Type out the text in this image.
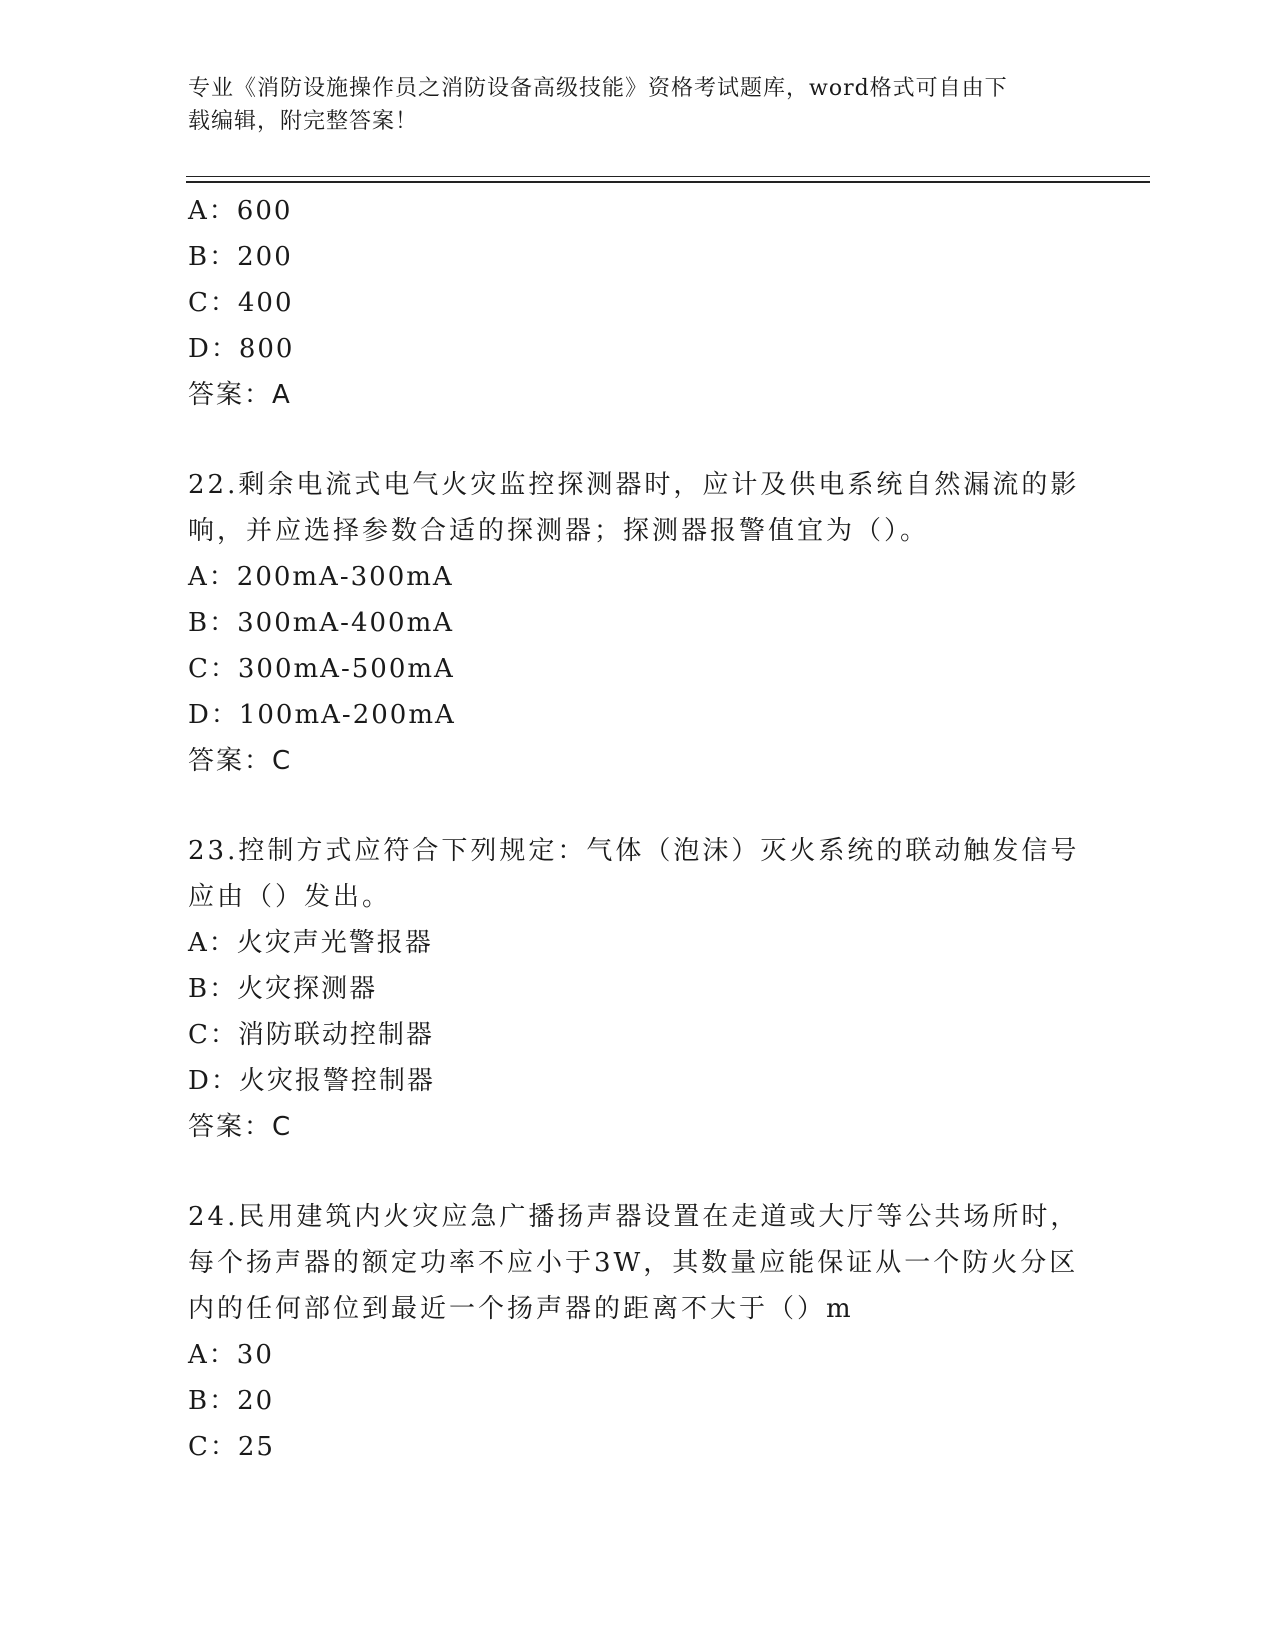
专业《消防设施操作员之消防设备高级技能》资格考试题库，word格式可自由下
载编辑，附完整答案！
A：600
B：200
C：400
D：800
答案：A
22.剩余电流式电气火灾监控探测器时，应计及供电系统自然漏流的影
响，并应选择参数合适的探测器；探测器报警值宜为（）。
A：200mA-300mA
B：300mA-400mA
C：300mA-500mA
D：100mA-200mA
答案：C
23.控制方式应符合下列规定：气体（泡沫）灭火系统的联动触发信号
应由（）发出。
A：火灾声光警报器
B：火灾探测器
C：消防联动控制器
D：火灾报警控制器
答案：C
24.民用建筑内火灾应急广播扬声器设置在走道或大厅等公共场所时，
每个扬声器的额定功率不应小于3W，其数量应能保证从一个防火分区
内的任何部位到最近一个扬声器的距离不大于（）m
A：30
B：20
C：25
